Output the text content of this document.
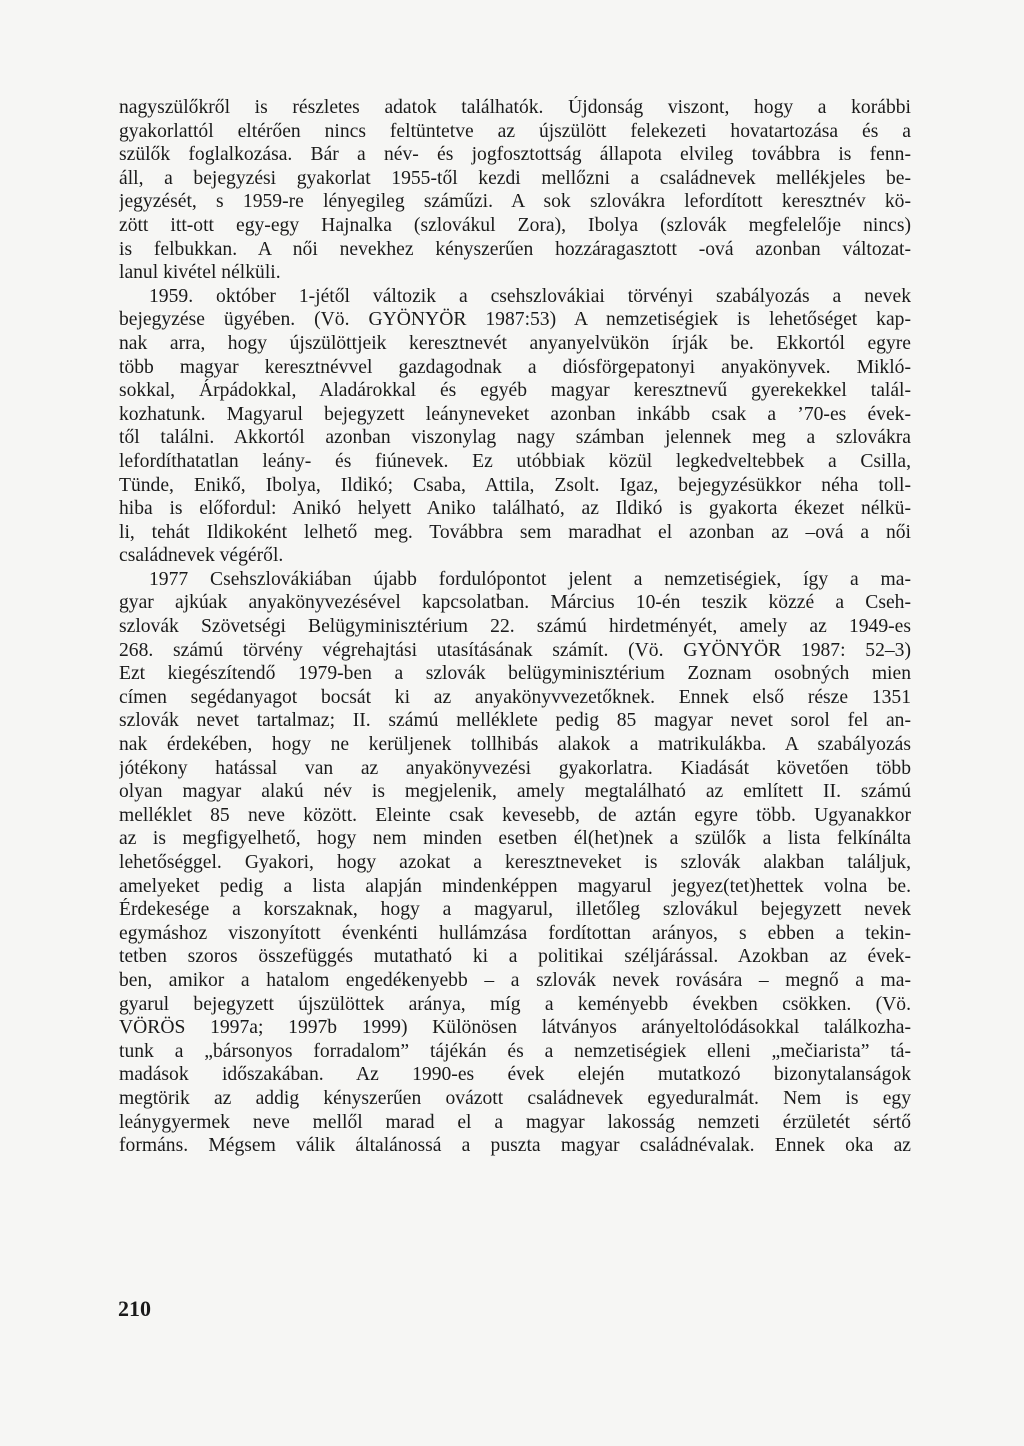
nagyszülőkről is részletes adatok találhatók. Újdonság viszont, hogy a korábbi
gyakorlattól eltérően nincs feltüntetve az újszülött felekezeti hovatartozása és a
szülők foglalkozása. Bár a név- és jogfosztottság állapota elvileg továbbra is fenn-
áll, a bejegyzési gyakorlat 1955-től kezdi mellőzni a családnevek mellékjeles be-
jegyzését, s 1959-re lényegileg száműzi. A sok szlovákra lefordított keresztnév kö-
zött itt-ott egy-egy Hajnalka (szlovákul Zora), Ibolya (szlovák megfelelője nincs)
is felbukkan. A női nevekhez kényszerűen hozzáragasztott -ová azonban változat-
lanul kivétel nélküli.
1959. október 1-jétől változik a csehszlovákiai törvényi szabályozás a nevek
bejegyzése ügyében. (Vö. GYÖNYÖR 1987:53) A nemzetiségiek is lehetőséget kap-
nak arra, hogy újszülöttjeik keresztnevét anyanyelvükön írják be. Ekkortól egyre
több magyar keresztnévvel gazdagodnak a diósförgepatonyi anyakönyvek. Mikló-
sokkal, Árpádokkal, Aladárokkal és egyéb magyar keresztnevű gyerekekkel talál-
kozhatunk. Magyarul bejegyzett leányneveket azonban inkább csak a ’70-es évek-
től találni. Akkortól azonban viszonylag nagy számban jelennek meg a szlovákra
lefordíthatatlan leány- és fiúnevek. Ez utóbbiak közül legkedveltebbek a Csilla,
Tünde, Enikő, Ibolya, Ildikó; Csaba, Attila, Zsolt. Igaz, bejegyzésükkor néha toll-
hiba is előfordul: Anikó helyett Aniko található, az Ildikó is gyakorta ékezet nélkü-
li, tehát Ildikoként lelhető meg. Továbbra sem maradhat el azonban az –ová a női
családnevek végéről.
1977 Csehszlovákiában újabb fordulópontot jelent a nemzetiségiek, így a ma-
gyar ajkúak anyakönyvezésével kapcsolatban. Március 10-én teszik közzé a Cseh-
szlovák Szövetségi Belügyminisztérium 22. számú hirdetményét, amely az 1949-es
268. számú törvény végrehajtási utasításának számít. (Vö. GYÖNYÖR 1987: 52–3)
Ezt kiegészítendő 1979-ben a szlovák belügyminisztérium Zoznam osobných mien
címen segédanyagot bocsát ki az anyakönyvvezetőknek. Ennek első része 1351
szlovák nevet tartalmaz; II. számú melléklete pedig 85 magyar nevet sorol fel an-
nak érdekében, hogy ne kerüljenek tollhibás alakok a matrikulákba. A szabályozás
jótékony hatással van az anyakönyvezési gyakorlatra. Kiadását követően több
olyan magyar alakú név is megjelenik, amely megtalálható az említett II. számú
melléklet 85 neve között. Eleinte csak kevesebb, de aztán egyre több. Ugyanakkor
az is megfigyelhető, hogy nem minden esetben él(het)nek a szülők a lista felkínálta
lehetőséggel. Gyakori, hogy azokat a keresztneveket is szlovák alakban találjuk,
amelyeket pedig a lista alapján mindenképpen magyarul jegyez(tet)hettek volna be.
Érdekesége a korszaknak, hogy a magyarul, illetőleg szlovákul bejegyzett nevek
egymáshoz viszonyított évenkénti hullámzása fordítottan arányos, s ebben a tekin-
tetben szoros összefüggés mutatható ki a politikai széljárással. Azokban az évek-
ben, amikor a hatalom engedékenyebb – a szlovák nevek rovására – megnő a ma-
gyarul bejegyzett újszülöttek aránya, míg a keményebb években csökken. (Vö.
VÖRÖS 1997a; 1997b 1999) Különösen látványos arányeltolódásokkal találkozha-
tunk a „bársonyos forradalom” tájékán és a nemzetiségiek elleni „mečiarista” tá-
madások időszakában. Az 1990-es évek elején mutatkozó bizonytalanságok
megtörik az addig kényszerűen ovázott családnevek egyeduralmát. Nem is egy
leánygyermek neve mellől marad el a magyar lakosság nemzeti érzületét sértő
formáns. Mégsem válik általánossá a puszta magyar családnévalak. Ennek oka az
210
